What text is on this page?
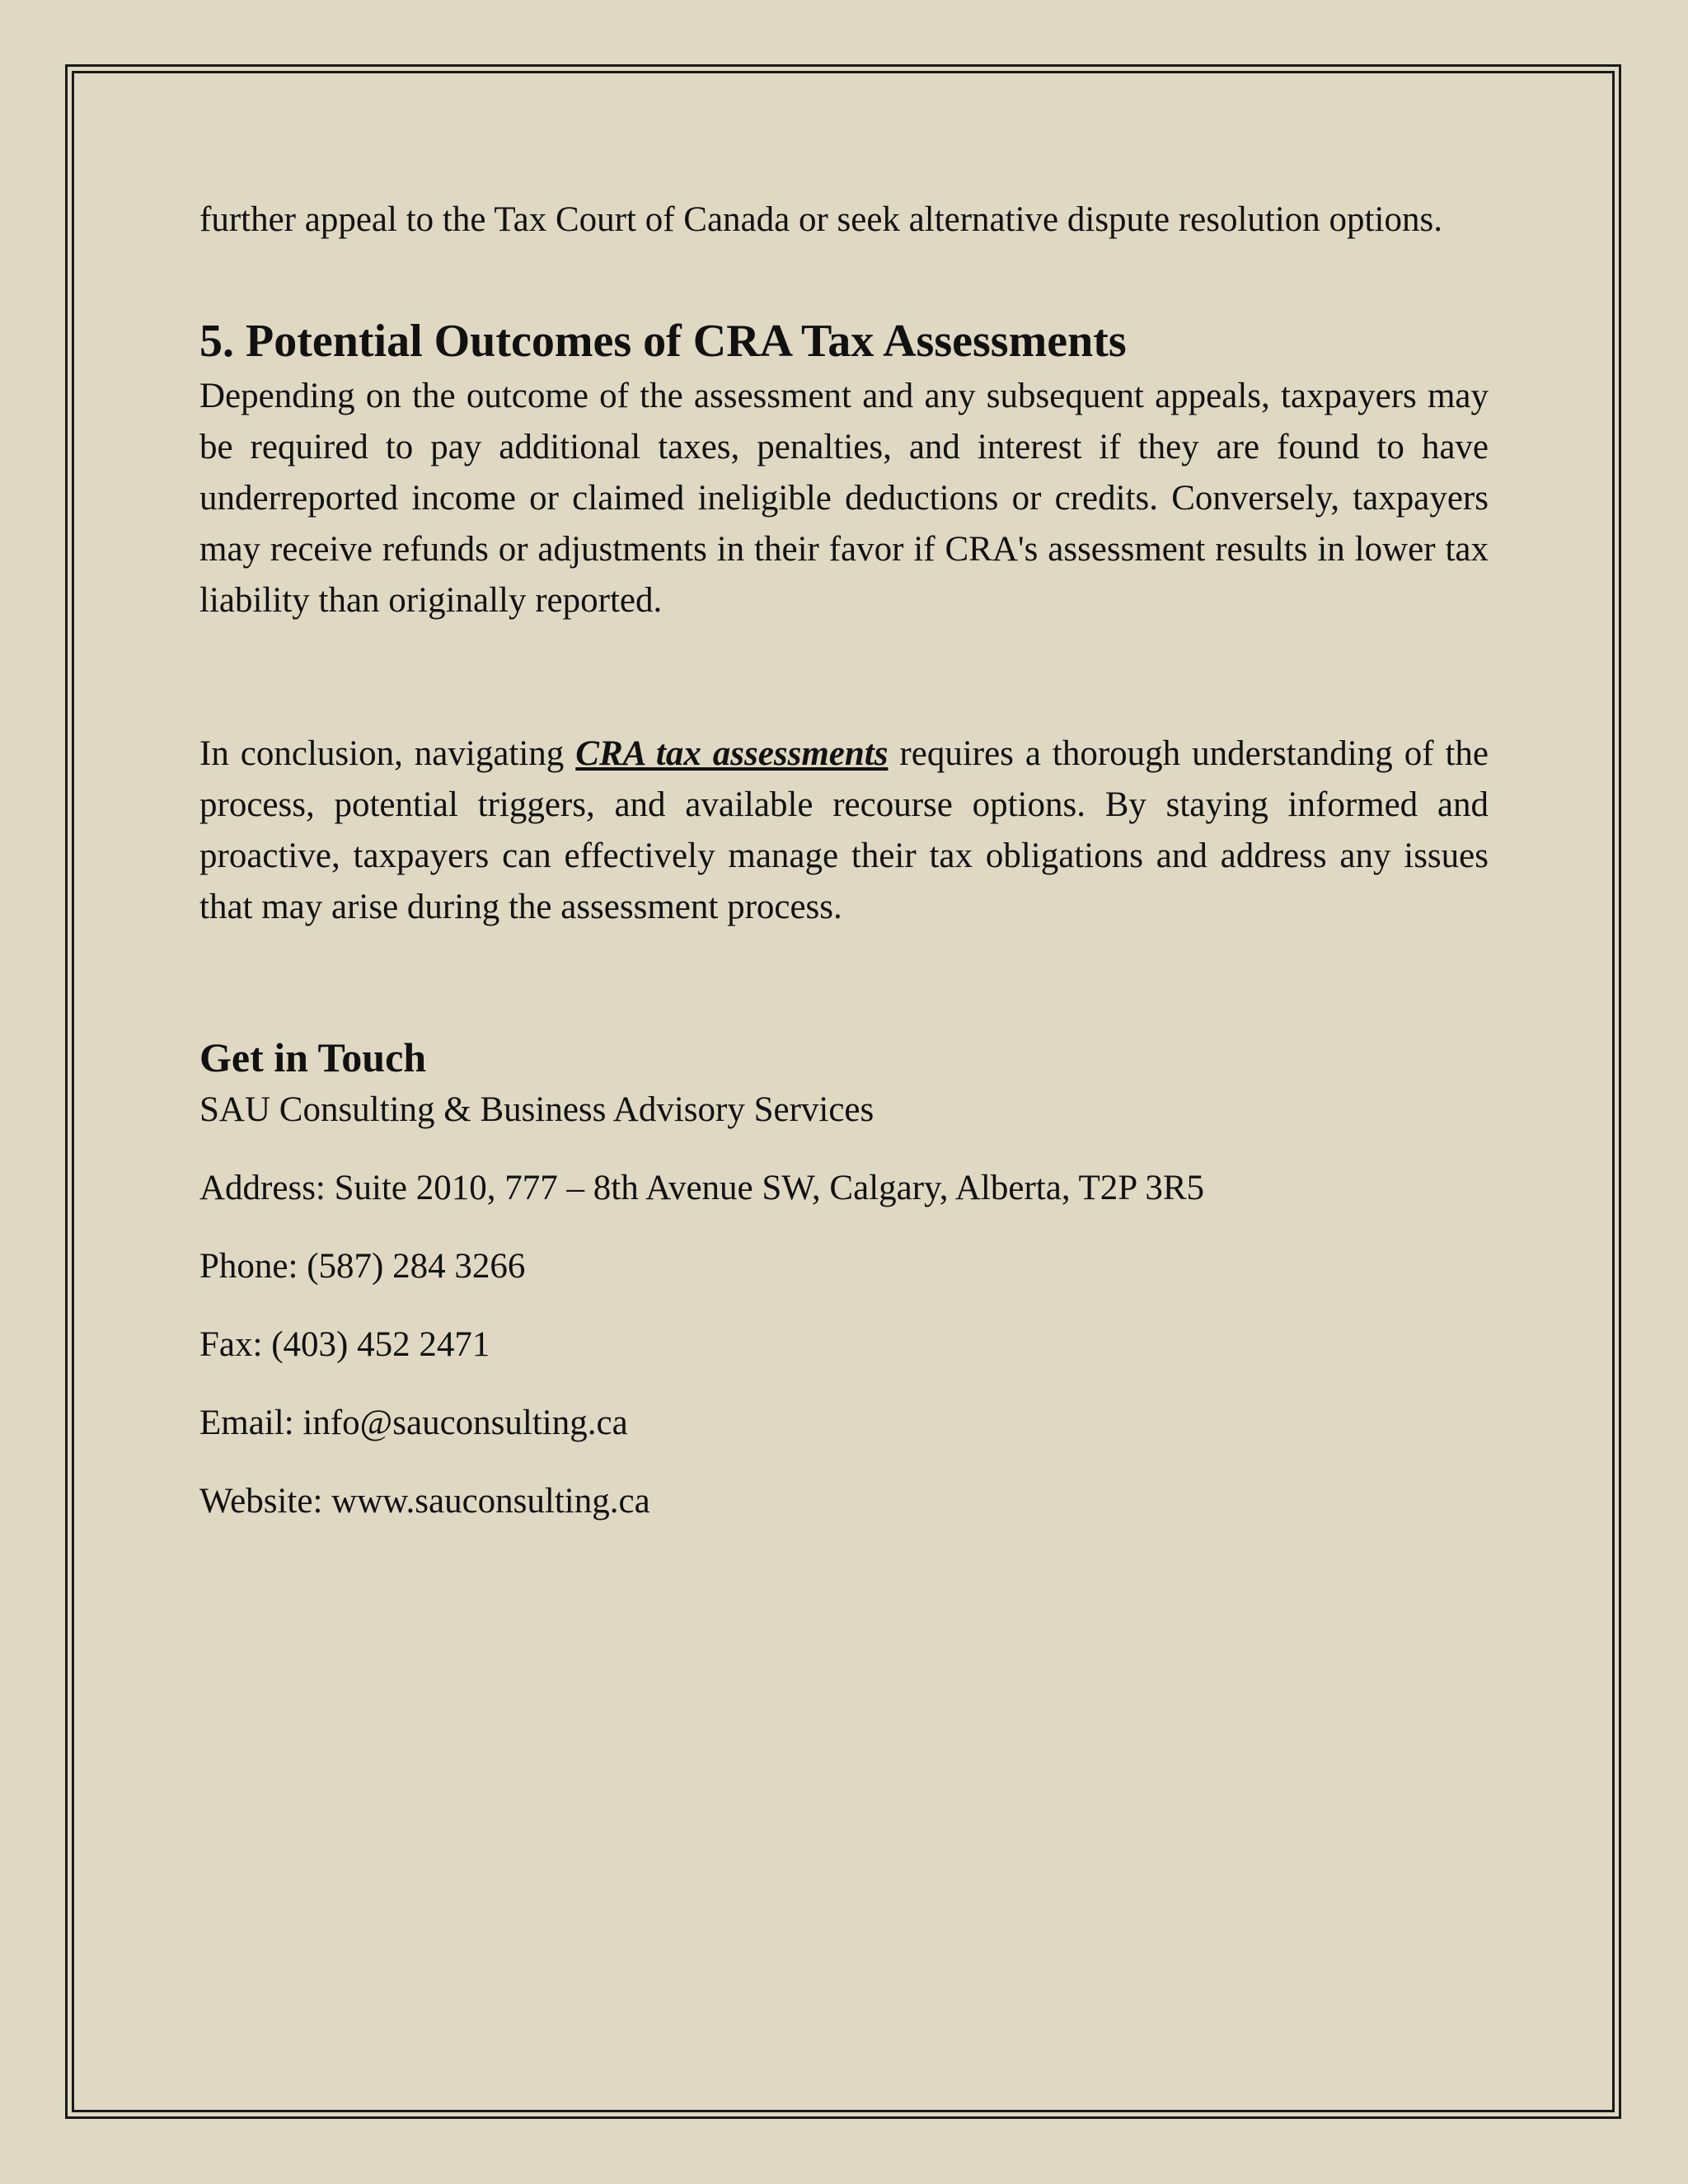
further appeal to the Tax Court of Canada or seek alternative dispute resolution options.

5. Potential Outcomes of CRA Tax Assessments

Depending on the outcome of the assessment and any subsequent appeals, taxpayers may be required to pay additional taxes, penalties, and interest if they are found to have underreported income or claimed ineligible deductions or credits. Conversely, taxpayers may receive refunds or adjustments in their favor if CRA's assessment results in lower tax liability than originally reported.

In conclusion, navigating CRA tax assessments requires a thorough understanding of the process, potential triggers, and available recourse options. By staying informed and proactive, taxpayers can effectively manage their tax obligations and address any issues that may arise during the assessment process.

Get in Touch

SAU Consulting & Business Advisory Services

Address: Suite 2010, 777 – 8th Avenue SW, Calgary, Alberta, T2P 3R5

Phone: (587) 284 3266

Fax: (403) 452 2471

Email: info@sauconsulting.ca

Website: www.sauconsulting.ca
